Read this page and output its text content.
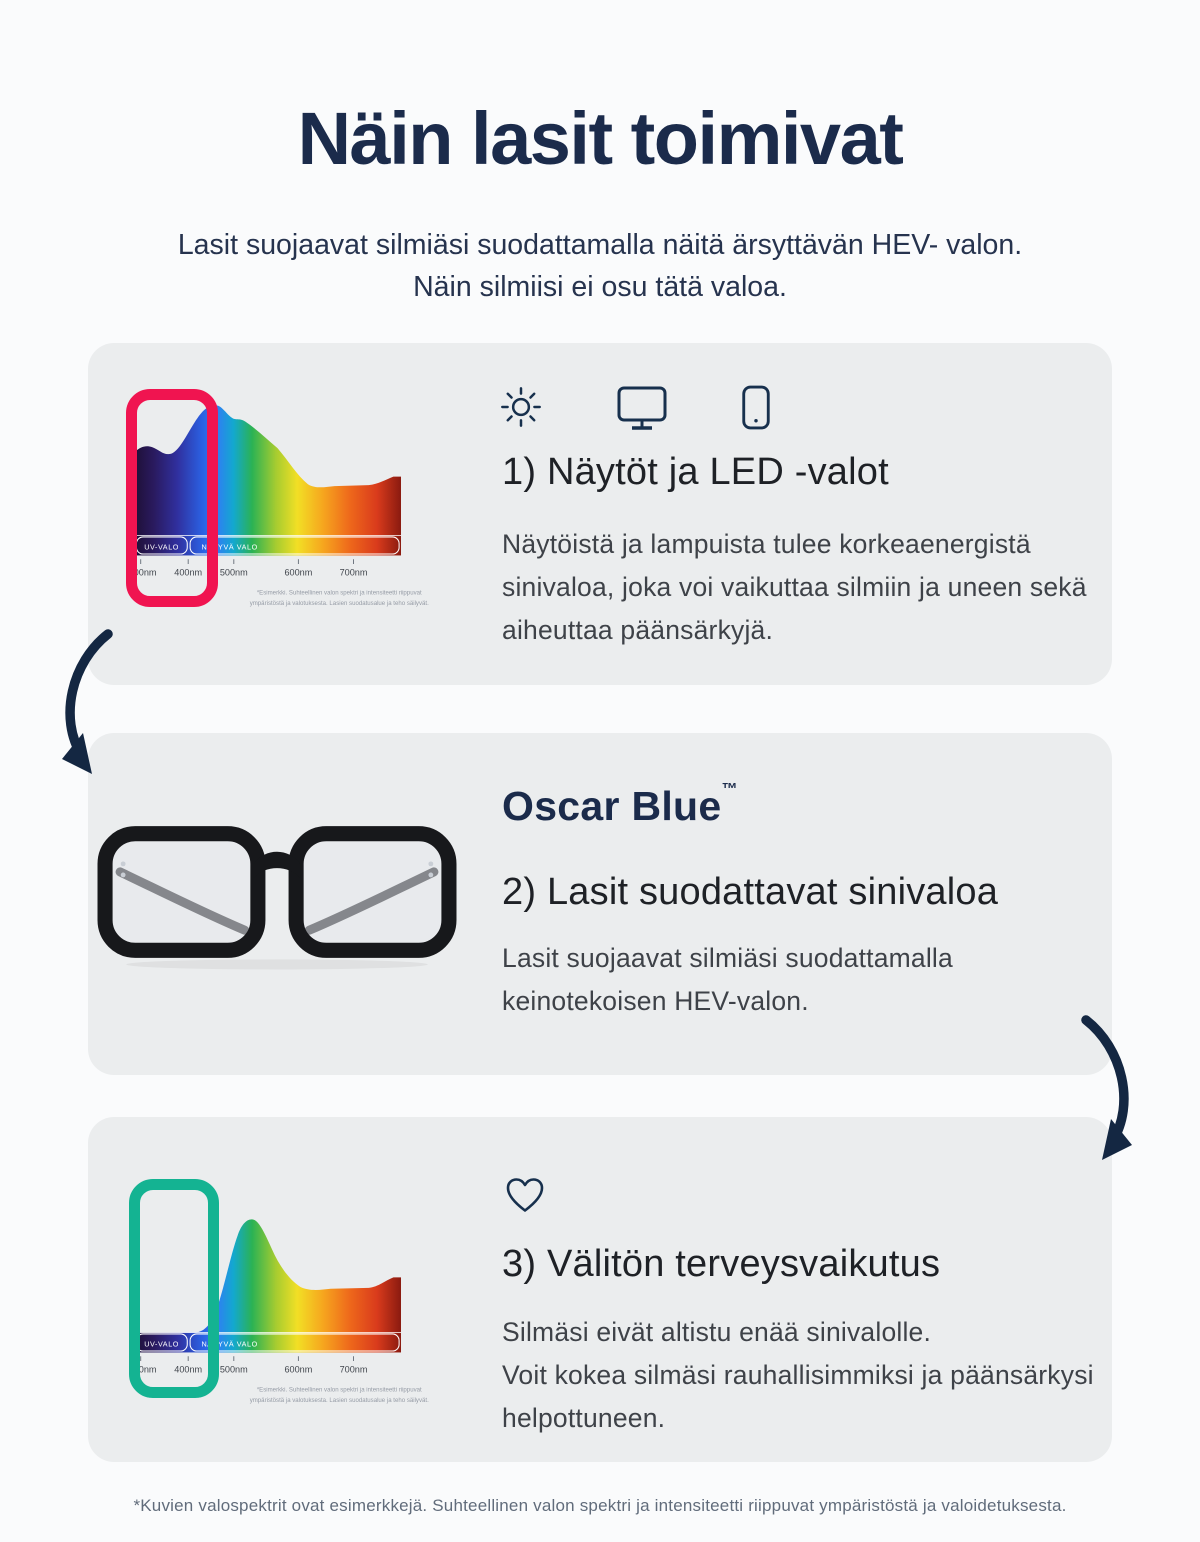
Näin lasit toimivat
Lasit suojaavat silmiäsi suodattamalla näitä ärsyttävän HEV- valon.
Näin silmiisi ei osu tätä valoa.
UV-VALO	NÄKYVÄ VALO
300nm 400nm 500nm	600nm	700nm
*Esimerkki. Suhteellinen valon spektri ja intensiteetti riippuvat
ympäristöstä ja valotuksesta. Lasien suodatusalue ja teho säilyvät.
1) Näytöt ja LED -valot
Näytöistä ja lampuista tulee korkeaenergistä sinivaloa, joka voi vaikuttaa silmiin ja uneen sekä aiheuttaa päänsärkyjä.
Oscar Blue™
2) Lasit suodattavat sinivaloa
Lasit suojaavat silmiäsi suodattamalla keinotekoisen HEV-valon.
UV-VALO	NÄKYVÄ VALO
300nm 400nm 500nm	600nm	700nm
*Esimerkki. Suhteellinen valon spektri ja intensiteetti riippuvat
ympäristöstä ja valotuksesta. Lasien suodatusalue ja teho säilyvät.
3) Välitön terveysvaikutus
Silmäsi eivät altistu enää sinivalolle.
Voit kokea silmäsi rauhallisimmiksi ja päänsärkysi helpottuneen.
*Kuvien valospektrit ovat esimerkkejä. Suhteellinen valon spektri ja intensiteetti riippuvat ympäristöstä ja valoidetuksesta.
